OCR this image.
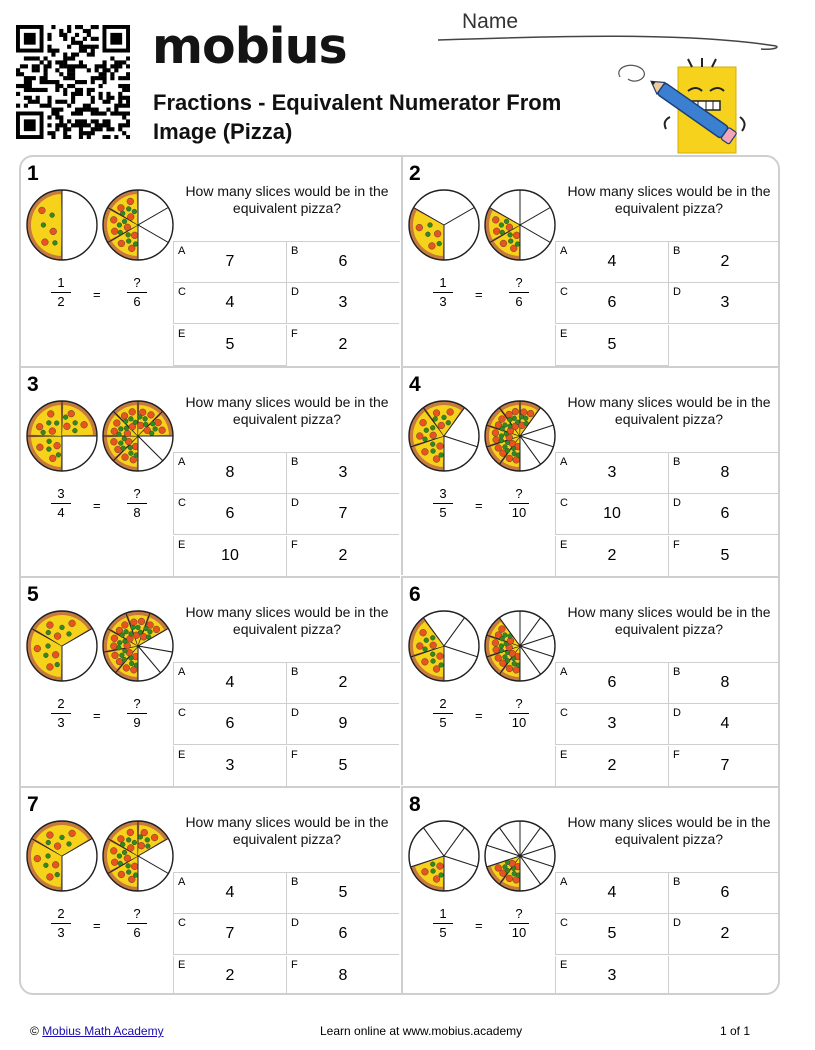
mobius
Fractions - Equivalent Numerator From Image (Pizza)
Name
1
$\frac{1}{2}$ =
?
6
How many slices would be in the equivalent pizza?
A
7
B
6
C
4
D
3
E
5
F
2
2
$\frac{1}{3}$ =
?
6
How many slices would be in the equivalent pizza?
A
4
B
2
C
6
D
3
E
5
3
$\frac{3}{4}$ =
?
8
How many slices would be in the equivalent pizza?
A
8
B
3
C
6
D
7
E
10
F
2
4
$\frac{3}{5}$ =
?
10
How many slices would be in the equivalent pizza?
A
3
B
8
C
10
D
6
E
2
F
5
5
$\frac{2}{3}$ =
?
9
How many slices would be in the equivalent pizza?
A
4
B
2
C
6
D
9
E
3
F
5
6
$\frac{2}{5}$ =
?
10
How many slices would be in the equivalent pizza?
A
6
B
8
C
3
D
4
E
2
F
7
7
$\frac{2}{3}$ =
?
6
How many slices would be in the equivalent pizza?
A
4
B
5
C
7
D
6
E
2
F
8
8
$\frac{1}{5}$ =
?
10
How many slices would be in the equivalent pizza?
A
4
B
6
C
5
D
2
E
3
© Mobius Math Academy	Learn online at www.mobius.academy	1 of 1
